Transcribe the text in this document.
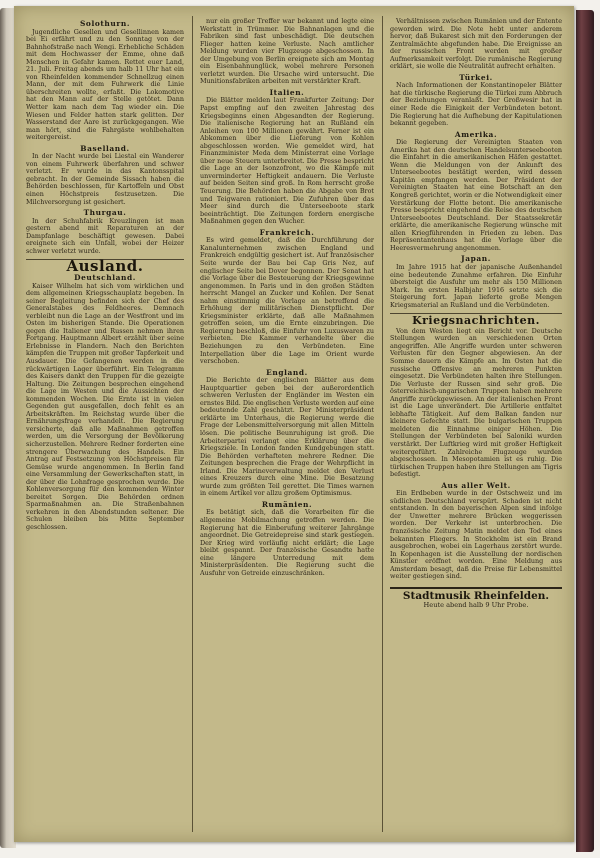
Solothurn.

Jugendliche Gesellen und Gesellinnen kamen bei Ei erfährt und zu den Sonntag von der Bahnhofstraße nach Wengi. Erhebliche Schäden mit dem Hochwasser der Emme, ohne daß Menschen in Gefahr kamen. Rettet euer Land, 21. Juli. Freitag abends um halb 11 Uhr hat ein von Rheinfelden kommender Schnellzug einen Mann, der mit dem Fuhrwerk die Linie überschreiten wollte, erfaßt. Die Lokomotive hat den Mann auf der Stelle getötet. Dann Wetter kam nach dem Tag wieder ein. Die Wiesen und Felder hatten stark gelitten. Der Wasserstand der Aare ist zurückgegangen. Wie man hört, sind die Fahrgäste wohlbehalten weitergereist.

Baselland.

In der Nacht wurde bei Liestal ein Wanderer von einem Fuhrwerk überfahren und schwer verletzt. Er wurde in das Kantonsspital gebracht. In der Gemeinde Sissach haben die Behörden beschlossen, für Kartoffeln und Obst einen Höchstpreis festzusetzen. Die Milchversorgung ist gesichert.

Thurgau.

In der Schuhfabrik Kreuzlingen ist man gestern abend mit Reparaturen an der Dampfanlage beschäftigt gewesen. Dabei ereignete sich ein Unfall, wobei der Heizer schwer verletzt wurde.

Ausland.
Deutschland.

Kaiser Wilhelm hat sich vom wirklichen und dem allgemeinen Kriegsschauplatz begeben. In seiner Begleitung befinden sich der Chef des Generalstabes des Feldheeres. Demnach verbleibt nun die Lage an der Westfront und im Osten im bisherigen Stande. Die Operationen gegen die Italiener und Russen nehmen ihren Fortgang. Hauptmann Albert erzählt über seine Erlebnisse in Flandern. Nach den Berichten kämpfen die Truppen mit großer Tapferkeit und Ausdauer. Die Gefangenen werden in die rückwärtigen Lager überführt. Ein Telegramm des Kaisers dankt den Truppen für die gezeigte Haltung. Die Zeitungen besprechen eingehend die Lage im Westen und die Aussichten der kommenden Wochen. Die Ernte ist in vielen Gegenden gut ausgefallen, doch fehlt es an Arbeitskräften. Im Reichstag wurde über die Ernährungsfrage verhandelt. Die Regierung versicherte, daß alle Maßnahmen getroffen werden, um die Versorgung der Bevölkerung sicherzustellen. Mehrere Redner forderten eine strengere Überwachung des Handels. Ein Antrag auf Festsetzung von Höchstpreisen für Gemüse wurde angenommen. In Berlin fand eine Versammlung der Gewerkschaften statt, in der über die Lohnfrage gesprochen wurde. Die Kohlenversorgung für den kommenden Winter bereitet Sorgen. Die Behörden ordnen Sparmaßnahmen an. Die Straßenbahnen verkehren in den Abendstunden seltener. Die Schulen bleiben bis Mitte September geschlossen.

nur ein großer Treffer war bekannt und legte eine Werkstatt in Trümmer. Die Bahnanlagen und die Fabriken sind fast unbeschädigt. Die deutschen Flieger hatten keine Verluste. Nach amtlicher Meldung wurden vier Flugzeuge abgeschossen. In der Umgebung von Berlin ereignete sich am Montag ein Eisenbahnunglück, wobei mehrere Personen verletzt wurden. Die Ursache wird untersucht. Die Munitionsfabriken arbeiten mit verstärkter Kraft.

Italien.

Die Blätter melden laut Frankfurter Zeitung: Der Papst empfing auf den zweiten Jahrestag des Kriegsbeginns einen Abgesandten der Regierung. Die italienische Regierung hat an Rußland ein Anleihen von 100 Millionen gewährt. Ferner ist ein Abkommen über die Lieferung von Kohlen abgeschlossen worden. Wie gemeldet wird, hat Finanzminister Meda dem Ministerrat eine Vorlage über neue Steuern unterbreitet. Die Presse bespricht die Lage an der Isonzofront, wo die Kämpfe mit unverminderter Heftigkeit andauern. Die Verluste auf beiden Seiten sind groß. In Rom herrscht große Teuerung. Die Behörden haben die Abgabe von Brot und Teigwaren rationiert. Die Zufuhren über das Meer sind durch die Unterseeboote stark beeinträchtigt. Die Zeitungen fordern energische Maßnahmen gegen den Wucher.

Frankreich.

Es wird gemeldet, daß die Durchführung der Kanalunternehmen zwischen England und Frankreich endgültig gesichert ist. Auf französischer Seite wurde der Bau bei Cap Gris Nez, auf englischer Seite bei Dover begonnen. Der Senat hat die Vorlage über die Besteuerung der Kriegsgewinne angenommen. In Paris und in den großen Städten herrscht Mangel an Zucker und Kohlen. Der Senat nahm einstimmig die Vorlage an betreffend die Erhöhung der militärischen Dienstpflicht. Der Kriegsminister erklärte, daß alle Maßnahmen getroffen seien, um die Ernte einzubringen. Die Regierung beschloß, die Einfuhr von Luxuswaren zu verbieten. Die Kammer verhandelte über die Beziehungen zu den Verbündeten. Eine Interpellation über die Lage im Orient wurde verschoben.

England.

Die Berichte der englischen Blätter aus dem Hauptquartier geben bei der außerordentlich schweren Verlusten der Engländer im Westen ein ernstes Bild. Die englischen Verluste werden auf eine bedeutende Zahl geschätzt. Der Ministerpräsident erklärte im Unterhaus, die Regierung werde die Frage der Lebensmittelversorgung mit allen Mitteln lösen. Die politische Beunruhigung ist groß. Die Arbeiterpartei verlangt eine Erklärung über die Kriegsziele. In London fanden Kundgebungen statt. Die Behörden verhafteten mehrere Redner. Die Zeitungen besprechen die Frage der Wehrpflicht in Irland. Die Marineverwaltung meldet den Verlust eines Kreuzers durch eine Mine. Die Besatzung wurde zum größten Teil gerettet. Die Times warnen in einem Artikel vor allzu großem Optimismus.

Rumänien.

Es betätigt sich, daß die Vorarbeiten für die allgemeine Mobilmachung getroffen werden. Die Regierung hat die Einberufung weiterer Jahrgänge angeordnet. Die Getreidepreise sind stark gestiegen. Der Krieg wird vorläufig nicht erklärt; die Lage bleibt gespannt. Der französische Gesandte hatte eine längere Unterredung mit dem Ministerpräsidenten. Die Regierung sucht die Ausfuhr von Getreide einzuschränken.

Verhältnissen zwischen Rumänien und der Entente geworden wird. Die Note hebt unter anderem hervor, daß Bukarest sich mit den Forderungen der Zentralmächte abgefunden habe. Die Ereignisse an der russischen Front werden mit großer Aufmerksamkeit verfolgt. Die rumänische Regierung erklärt, sie wolle die Neutralität aufrecht erhalten.

Türkei.

Nach Informationen der Konstantinopeler Blätter hat die türkische Regierung die Türkei zum Abbruch der Beziehungen veranlaßt. Der Großwesir hat in einer Rede die Einigkeit der Verbündeten betont. Die Regierung hat die Aufhebung der Kapitulationen bekannt gegeben.

Amerika.

Die Regierung der Vereinigten Staaten von Amerika hat den deutschen Handelsunterseebooten die Einfahrt in die amerikanischen Häfen gestattet. Wenn die Meldungen von der Ankunft des Unterseebootes bestätigt werden, wird dessen Kapitän empfangen werden. Der Präsident der Vereinigten Staaten hat eine Botschaft an den Kongreß gerichtet, worin er die Notwendigkeit einer Verstärkung der Flotte betont. Die amerikanische Presse bespricht eingehend die Reise des deutschen Unterseebootes Deutschland. Der Staatssekretär erklärte, die amerikanische Regierung wünsche mit allen Kriegführenden in Frieden zu leben. Das Repräsentantenhaus hat die Vorlage über die Heeresvermehrung angenommen.

Japan.

Im Jahre 1915 hat der japanische Außenhandel eine bedeutende Zunahme erfahren. Die Einfuhr übersteigt die Ausfuhr um mehr als 150 Millionen Mark. Im ersten Halbjahr 1916 setzte sich die Steigerung fort. Japan lieferte große Mengen Kriegsmaterial an Rußland und die Verbündeten.

Kriegsnachrichten.

Von dem Westen liegt ein Bericht vor. Deutsche Stellungen wurden an verschiedenen Orten angegriffen. Alle Angriffe wurden unter schweren Verlusten für den Gegner abgewiesen. An der Somme dauern die Kämpfe an. Im Osten hat die russische Offensive an mehreren Punkten eingesetzt. Die Verbündeten halten ihre Stellungen. Die Verluste der Russen sind sehr groß. Die österreichisch-ungarischen Truppen haben mehrere Angriffe zurückgewiesen. An der italienischen Front ist die Lage unverändert. Die Artillerie entfaltet lebhafte Tätigkeit. Auf dem Balkan fanden nur kleinere Gefechte statt. Die bulgarischen Truppen meldeten die Einnahme einiger Höhen. Die Stellungen der Verbündeten bei Saloniki wurden verstärkt. Der Luftkrieg wird mit großer Heftigkeit weitergeführt. Zahlreiche Flugzeuge wurden abgeschossen. In Mesopotamien ist es ruhig. Die türkischen Truppen haben ihre Stellungen am Tigris befestigt.

Aus aller Welt.

Ein Erdbeben wurde in der Ostschweiz und im südlichen Deutschland verspürt. Schaden ist nicht entstanden. In den bayerischen Alpen sind infolge der Unwetter mehrere Brücken weggerissen worden. Der Verkehr ist unterbrochen. Die französische Zeitung Matin meldet den Tod eines bekannten Fliegers. In Stockholm ist ein Brand ausgebrochen, wobei ein Lagerhaus zerstört wurde. In Kopenhagen ist die Ausstellung der nordischen Künstler eröffnet worden. Eine Meldung aus Amsterdam besagt, daß die Preise für Lebensmittel weiter gestiegen sind.

Stadtmusik Rheinfelden.
Heute abend halb 9 Uhr Probe.
